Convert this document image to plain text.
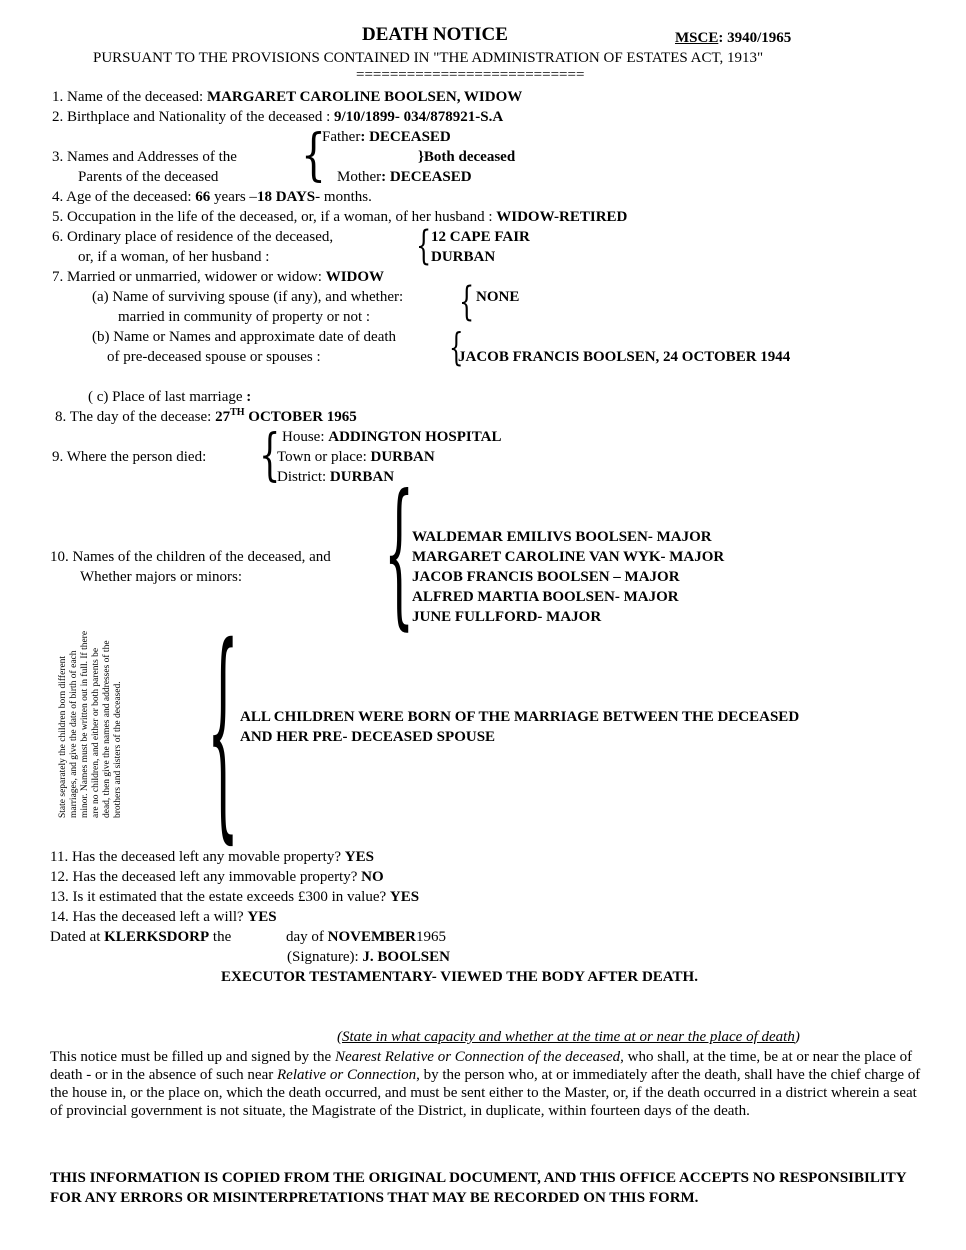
DEATH NOTICE	MSCE: 3940/1965
PURSUANT TO THE PROVISIONS CONTAINED IN "THE ADMINISTRATION OF ESTATES ACT, 1913"
===========================
1. Name of the deceased: MARGARET CAROLINE BOOLSEN, WIDOW
2. Birthplace and Nationality of the deceased : 9/10/1899- 034/878921-S.A
3. Names and Addresses of the
Parents of the deceased {
Father: DECEASED
}Both deceased
Mother: DECEASED
4. Age of the deceased: 66 years –18 DAYS- months.
5. Occupation in the life of the deceased, or, if a woman, of her husband : WIDOW-RETIRED
6. Ordinary place of residence of the deceased,
or, if a woman, of her husband :	{ 12 CAPE FAIR
DURBAN
7. Married or unmarried, widower or widow: WIDOW
(a) Name of surviving spouse (if any), and whether:
married in community of property or not : { NONE
(b) Name or Names and approximate date of death
of pre-deceased spouse or spouses :	{
JACOB FRANCIS BOOLSEN, 24 OCTOBER 1944
( c) Place of last marriage :
8. The day of the decease: 27TH OCTOBER 1965
9. Where the person died: { House: ADDINGTON HOSPITAL
Town or place: DURBAN
District: DURBAN
10. Names of the children of the deceased, and
Whether majors or minors: {
WALDEMAR EMILIVS BOOLSEN- MAJOR
MARGARET CAROLINE VAN WYK- MAJOR
JACOB FRANCIS BOOLSEN – MAJOR
ALFRED MARTIA BOOLSEN- MAJOR
JUNE FULLFORD- MAJOR
State separately the children born different marriages, and give the date of birth of each minor. Names must be written out in full. If there are no children, and either or both parents be dead, then give the names and addresses of the brothers and sisters of the deceased. { ALL CHILDREN WERE BORN OF THE MARRIAGE BETWEEN THE DECEASED
AND HER PRE- DECEASED SPOUSE
11. Has the deceased left any movable property? YES
12. Has the deceased left any immovable property? NO
13. Is it estimated that the estate exceeds £300 in value? YES
14. Has the deceased left a will? YES
Dated at KLERKSDORP the	day of NOVEMBER1965
(Signature): J. BOOLSEN
EXECUTOR TESTAMENTARY- VIEWED THE BODY AFTER DEATH.
(State in what capacity and whether at the time at or near the place of death)
This notice must be filled up and signed by the Nearest Relative or Connection of the deceased, who shall, at the time, be at or near the place of death - or in the absence of such near Relative or Connection, by the person who, at or immediately after the death, shall have the chief charge of the house in, or the place on, which the death occurred, and must be sent either to the Master, or, if the death occurred in a district wherein a seat of provincial government is not situate, the Magistrate of the District, in duplicate, within fourteen days of the death.
THIS INFORMATION IS COPIED FROM THE ORIGINAL DOCUMENT, AND THIS OFFICE ACCEPTS NO RESPONSIBILITY FOR ANY ERRORS OR MISINTERPRETATIONS THAT MAY BE RECORDED ON THIS FORM.
